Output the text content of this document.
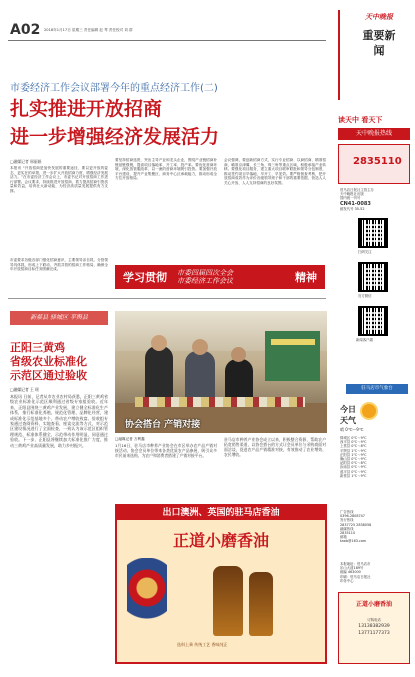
A02 2018年1月17日 星期三 责任编辑 赵 琴 责任校对 刘 群
天中晚报
重要新闻
市委经济工作会议部署今年的重点经济工作(二)
扎实推进开放招商
进一步增强经济发展活力
□融媒记者 邢丽娟
本报讯 “开放招商是加快发展的重要途径，要以更开放的姿态、更实在的举措，进一步扩大开放招商力度，增强经济发展活力。”在市委经济工作会议上，市委书记对开放招商工作进行部署。会议要求，持续推进开放招商，着力提高招商引资质量和效益，培育壮大新动能，为经济高质量发展提供有力支撑。
要坚持招商选资，突出主导产业和龙头企业，围绕产业链招商补链延链强链，提高项目落地率、开工率、投产率。要优化营商环境，深化放管服改革，以一流的营商环境吸引投资。要加强开放平台建设，提升产业集聚区、商务中心区承载能力，推动形成全方位开放格局。
会议强调，要创新招商方式，实行专业招商、以商招商、精准招商，瞄准京津冀、长三角、珠三角等重点区域，积极承接产业转移。要强化项目服务，建立重大项目联审联批和领导分包制度，推动签约项目早落地、早开工、早见效。要严格督查考核，把开放招商成效作为评价各级领导班子和干部的重要依据，营造人人关心开放、人人支持招商的良好氛围。
学习贯彻 市委四届四次全会
市委经济工作会议	精神
市委要求各级各部门强化招商意识，主要领导亲自抓，分管领导具体抓，形成上下联动、齐抓共管的招商工作格局，确保全年开放招商目标任务圆满完成。
新蔡县 驿城区 平舆县
正阳三黄鸡
省级农业标准化
示范区通过验收
□融媒记者 王 瑶
本报讯 日前，记者从市农业农村局获悉，正阳三黄鸡省级农业标准化示范区顺利通过省级专家组验收。近年来，正阳县围绕三黄鸡产业发展，建立健全标准化生产体系，推行标准化养殖、规范化管理、品牌化经营，建成标准化示范基地多个，带动农户增收致富。验收组专家通过查阅资料、实地查看、座谈交流等方式，对示范区建设情况进行了全面检查，一致认为该示范区组织管理规范、标准体系健全、示范带动作用明显，同意通过验收。下一步，正阳县将继续加大标准化推广力度，推动三黄鸡产业高质量发展，助力乡村振兴。
协会搭台 产销对接
□融媒记者 万利鑫
1月16日，驻马店市种养产业协会在市区举办农产品产销对接活动，协会会员单位带来各类优质农产品参展，吸引众多市民前来选购，为农户和消费者搭建了产销对接平台。
驻马店市种养产业协会成立以来，积极整合资源，帮助农户拓宽销售渠道，以协会搭台的方式让会员单位与采购商面对面洽谈，促进农产品产销精准对接，有效推动了农业增效、农民增收。
出口澳洲、英国的驻马店香油
正道小磨香油
选料上乘 传统工艺 香味纯正
读天中 看天下
天中晚报热线
2835110
驻马店日报社主管主办
天中晚报社出版
国内统一刊号
CN41-0083
邮发代号 35-52
扫码关注
官方微信
新闻客户端
驻马店市气象台
今日
天气
晴 0℃～9℃
驿城区 0℃～9℃
西平县 0℃～9℃
上蔡县 0℃～8℃
平舆县 1℃～9℃
正阳县 1℃～9℃
确山县 0℃～9℃
泌阳县 0℃～8℃
汝南县 0℃～9℃
遂平县 0℃～9℃
新蔡县 1℃～9℃
广告热线
0396-2808747
发行热线
2837725 2838058
融媒热线
2835110
邮箱
tzwb@163.com
本报地址：驻马店市
乐山大道189号
邮编 463000
印刷：驻马店日报社
印务中心
正道小磨香油
订购电话
13138382939
13771177373
